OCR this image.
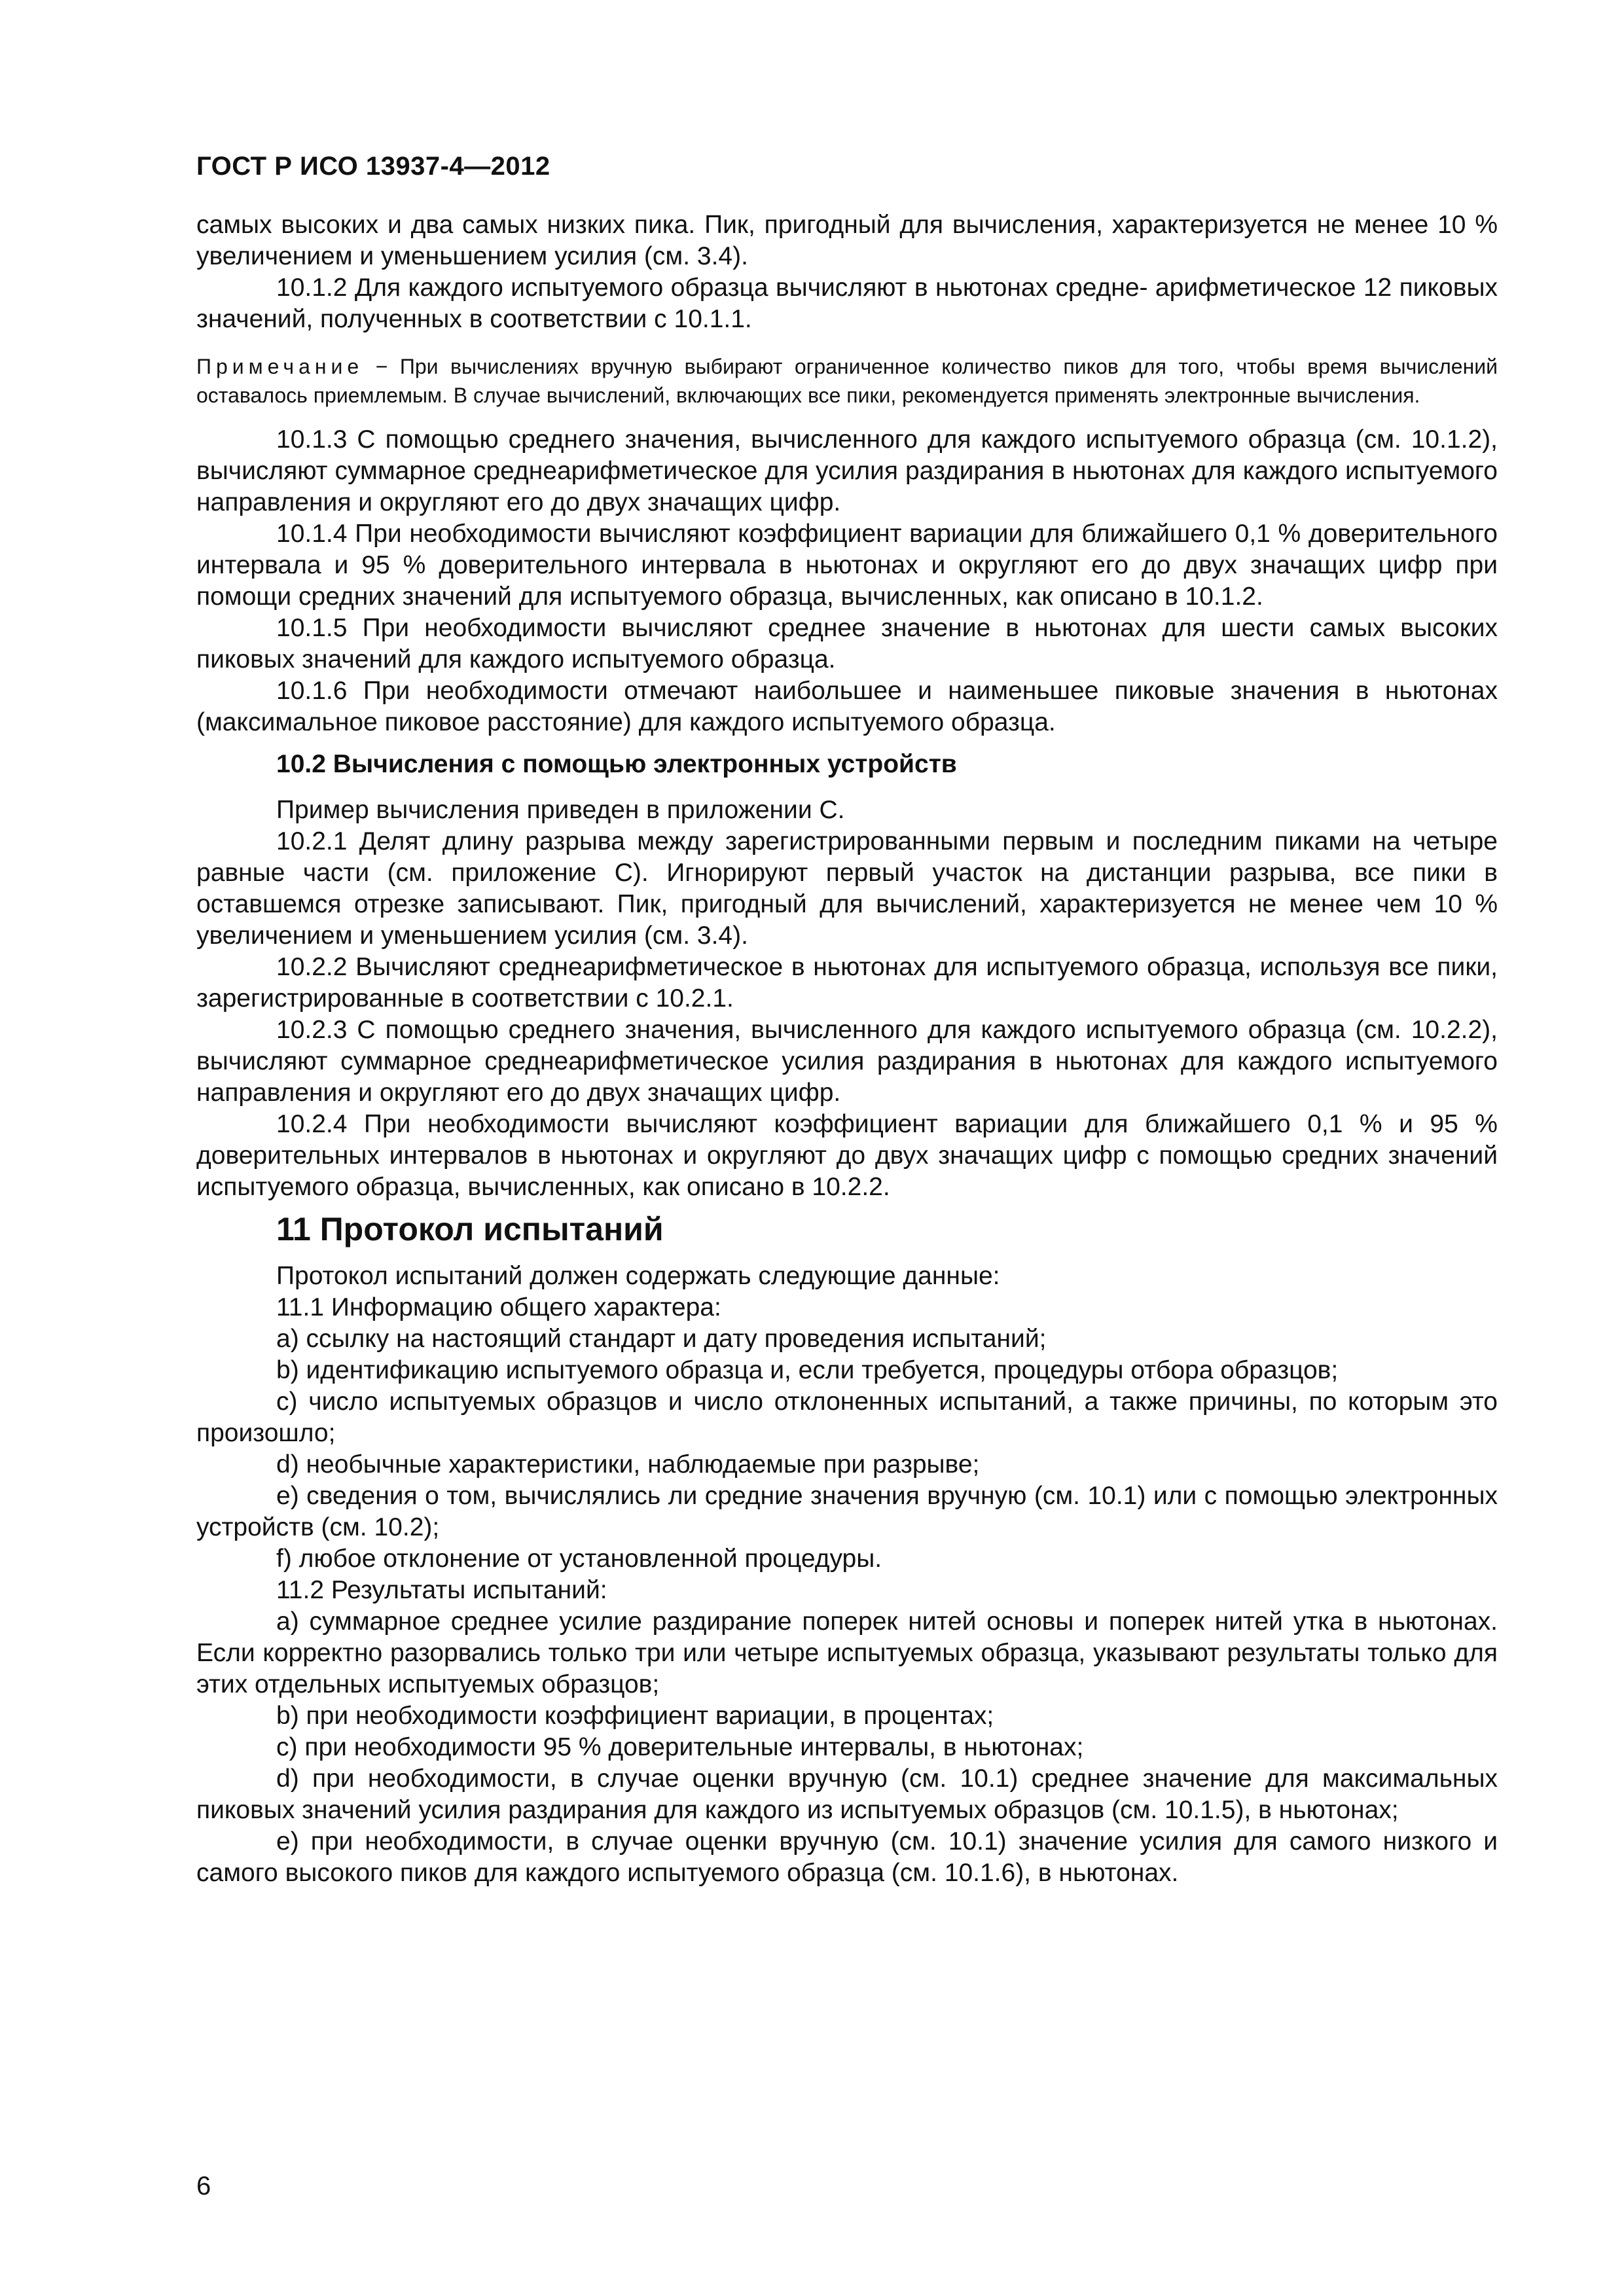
ГОСТ Р ИСО 13937-4—2012

самых высоких и два самых низких пика. Пик, пригодный для вычисления, характеризуется не менее 10 % увеличением и уменьшением усилия (см. 3.4).

10.1.2 Для каждого испытуемого образца вычисляют в ньютонах средне- арифметическое 12 пиковых значений, полученных в соответствии с 10.1.1.

Примечание − При вычислениях вручную выбирают ограниченное количество пиков для того, чтобы время вычислений оставалось приемлемым. В случае вычислений, включающих все пики, рекомендуется применять электронные вычисления.

10.1.3 С помощью среднего значения, вычисленного для каждого испытуемого образца (см. 10.1.2), вычисляют суммарное среднеарифметическое для усилия раздирания в ньютонах для каждого испытуемого направления и округляют его до двух значащих цифр.

10.1.4 При необходимости вычисляют коэффициент вариации для ближайшего 0,1 % доверительного интервала и 95 % доверительного интервала в ньютонах и округляют его до двух значащих цифр при помощи средних значений для испытуемого образца, вычисленных, как описано в 10.1.2.

10.1.5 При необходимости вычисляют среднее значение в ньютонах для шести самых высоких пиковых значений для каждого испытуемого образца.

10.1.6 При необходимости отмечают наибольшее и наименьшее пиковые значения в ньютонах (максимальное пиковое расстояние) для каждого испытуемого образца.

10.2 Вычисления с помощью электронных устройств

Пример вычисления приведен в приложении С.

10.2.1 Делят длину разрыва между зарегистрированными первым и последним пиками на четыре равные части (см. приложение С). Игнорируют первый участок на дистанции разрыва, все пики в оставшемся отрезке записывают. Пик, пригодный для вычислений, характеризуется не менее чем 10 % увеличением и уменьшением усилия (см. 3.4).

10.2.2 Вычисляют среднеарифметическое в ньютонах для испытуемого образца, используя все пики, зарегистрированные в соответствии с 10.2.1.

10.2.3 С помощью среднего значения, вычисленного для каждого испытуемого образца (см. 10.2.2), вычисляют суммарное среднеарифметическое усилия раздирания в ньютонах для каждого испытуемого направления и округляют его до двух значащих цифр.

10.2.4 При необходимости вычисляют коэффициент вариации для ближайшего 0,1 % и 95 % доверительных интервалов в ньютонах и округляют до двух значащих цифр с помощью средних значений испытуемого образца, вычисленных, как описано в 10.2.2.

11 Протокол испытаний

Протокол испытаний должен содержать следующие данные:

11.1 Информацию общего характера:

а) ссылку на настоящий стандарт и дату проведения испытаний;

b) идентификацию испытуемого образца и, если требуется, процедуры отбора образцов;

с) число испытуемых образцов и число отклоненных испытаний, а также причины, по которым это произошло;

d) необычные характеристики, наблюдаемые при разрыве;

е) сведения о том, вычислялись ли средние значения вручную (см. 10.1) или с помощью электронных устройств (см. 10.2);

f) любое отклонение от установленной процедуры.

11.2 Результаты испытаний:

а) суммарное среднее усилие раздирание поперек нитей основы и поперек нитей утка в ньютонах. Если корректно разорвались только три или четыре испытуемых образца, указывают результаты только для этих отдельных испытуемых образцов;

b) при необходимости коэффициент вариации, в процентах;

c) при необходимости 95 % доверительные интервалы, в ньютонах;

d) при необходимости, в случае оценки вручную (см. 10.1) среднее значение для максимальных пиковых значений усилия раздирания для каждого из испытуемых образцов (см. 10.1.5), в ньютонах;

e) при необходимости, в случае оценки вручную (см. 10.1) значение усилия для самого низкого и самого высокого пиков для каждого испытуемого образца (см. 10.1.6), в ньютонах.

6
